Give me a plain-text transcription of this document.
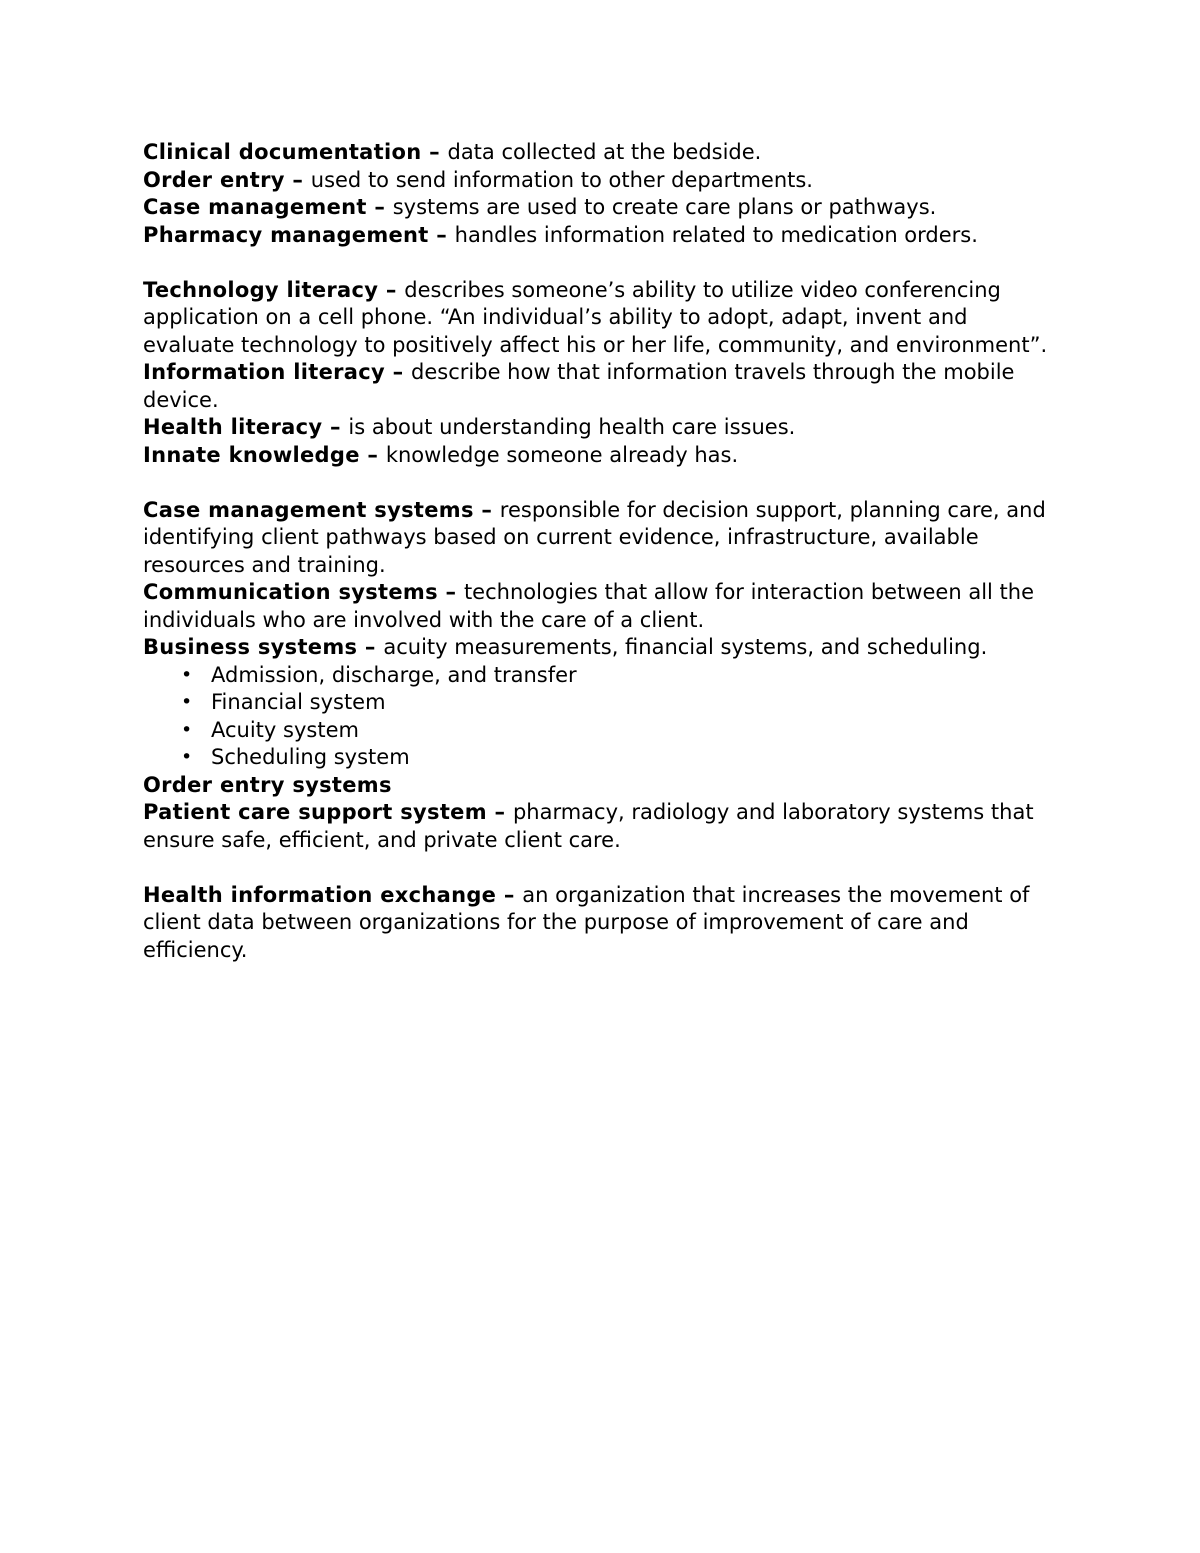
Clinical documentation – data collected at the bedside.
Order entry – used to send information to other departments.
Case management – systems are used to create care plans or pathways.
Pharmacy management – handles information related to medication orders.
Technology literacy – describes someone’s ability to utilize video conferencing application on a cell phone. “An individual’s ability to adopt, adapt, invent and evaluate technology to positively affect his or her life, community, and environment”.
Information literacy – describe how that information travels through the mobile device.
Health literacy – is about understanding health care issues.
Innate knowledge – knowledge someone already has.
Case management systems – responsible for decision support, planning care, and identifying client pathways based on current evidence, infrastructure, available resources and training.
Communication systems – technologies that allow for interaction between all the individuals who are involved with the care of a client.
Business systems – acuity measurements, financial systems, and scheduling.
• Admission, discharge, and transfer
• Financial system
• Acuity system
• Scheduling system
Order entry systems
Patient care support system – pharmacy, radiology and laboratory systems that ensure safe, efficient, and private client care.
Health information exchange – an organization that increases the movement of client data between organizations for the purpose of improvement of care and efficiency.
